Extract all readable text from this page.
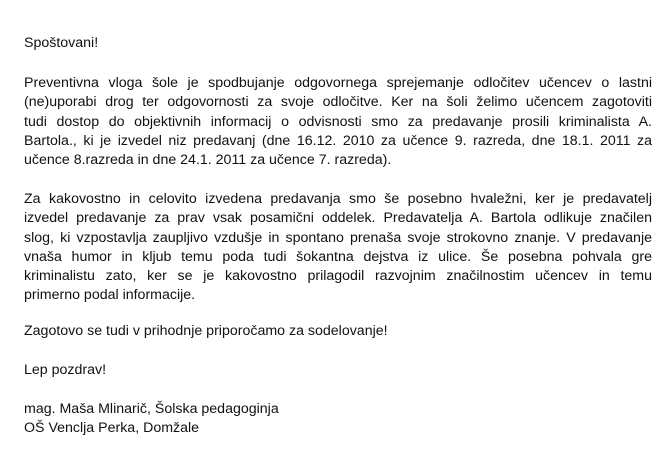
Spoštovani!

Preventivna vloga šole je spodbujanje odgovornega sprejemanje odločitev učencev o lastni
(ne)uporabi drog ter odgovornosti za svoje odločitve. Ker na šoli želimo učencem zagotoviti
tudi dostop do objektivnih informacij o odvisnosti smo za predavanje prosili kriminalista A.
Bartola., ki je izvedel niz predavanj (dne 16.12. 2010 za učence 9. razreda, dne 18.1. 2011 za
učence 8.razreda in dne 24.1. 2011 za učence 7. razreda).
Za kakovostno in celovito izvedena predavanja smo še posebno hvaležni, ker je predavatelj
izvedel predavanje za prav vsak posamični oddelek. Predavatelja A. Bartola odlikuje značilen
slog, ki vzpostavlja zaupljivo vzdušje in spontano prenaša svoje strokovno znanje. V predavanje
vnaša humor in kljub temu poda tudi šokantna dejstva iz ulice. Še posebna pohvala gre
kriminalistu zato, ker se je kakovostno prilagodil razvojnim značilnostim učencev in temu
primerno podal informacije.

Zagotovo se tudi v prihodnje priporočamo za sodelovanje!

Lep pozdrav!

mag. Maša Mlinarič, Šolska pedagoginja
OŠ Venclja Perka, Domžale
